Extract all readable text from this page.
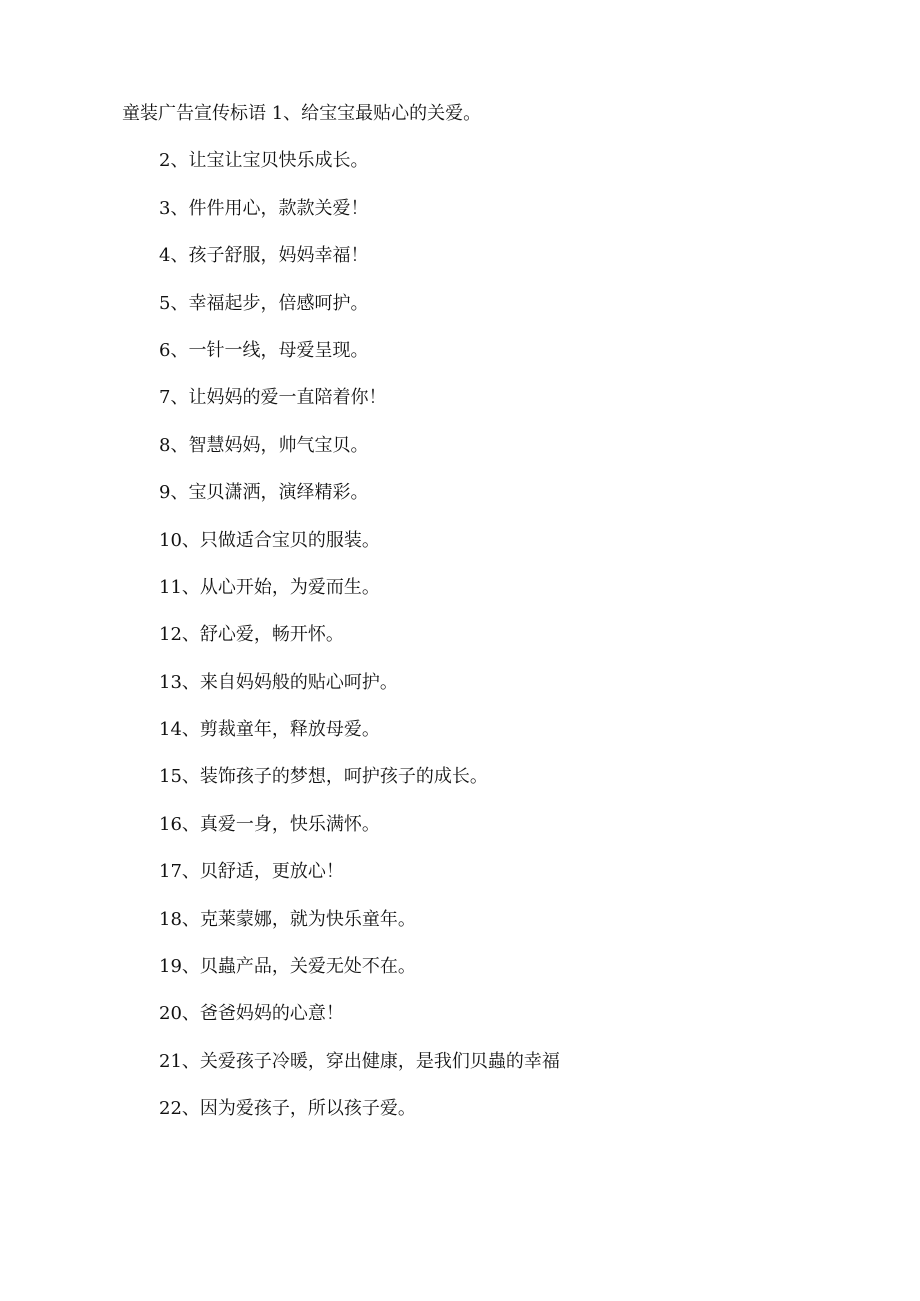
童装广告宣传标语 1、给宝宝最贴心的关爱。
2、让宝让宝贝快乐成长。
3、件件用心，款款关爱！
4、孩子舒服，妈妈幸福！
5、幸福起步，倍感呵护。
6、一针一线，母爱呈现。
7、让妈妈的爱一直陪着你！
8、智慧妈妈，帅气宝贝。
9、宝贝潇洒，演绎精彩。
10、只做适合宝贝的服装。
11、从心开始，为爱而生。
12、舒心爱，畅开怀。
13、来自妈妈般的贴心呵护。
14、剪裁童年，释放母爱。
15、装饰孩子的梦想，呵护孩子的成长。
16、真爱一身，快乐满怀。
17、贝舒适，更放心！
18、克莱蒙娜，就为快乐童年。
19、贝蟲产品，关爱无处不在。
20、爸爸妈妈的心意！
21、关爱孩子冷暖，穿出健康，是我们贝蟲的幸福
22、因为爱孩子，所以孩子爱。
